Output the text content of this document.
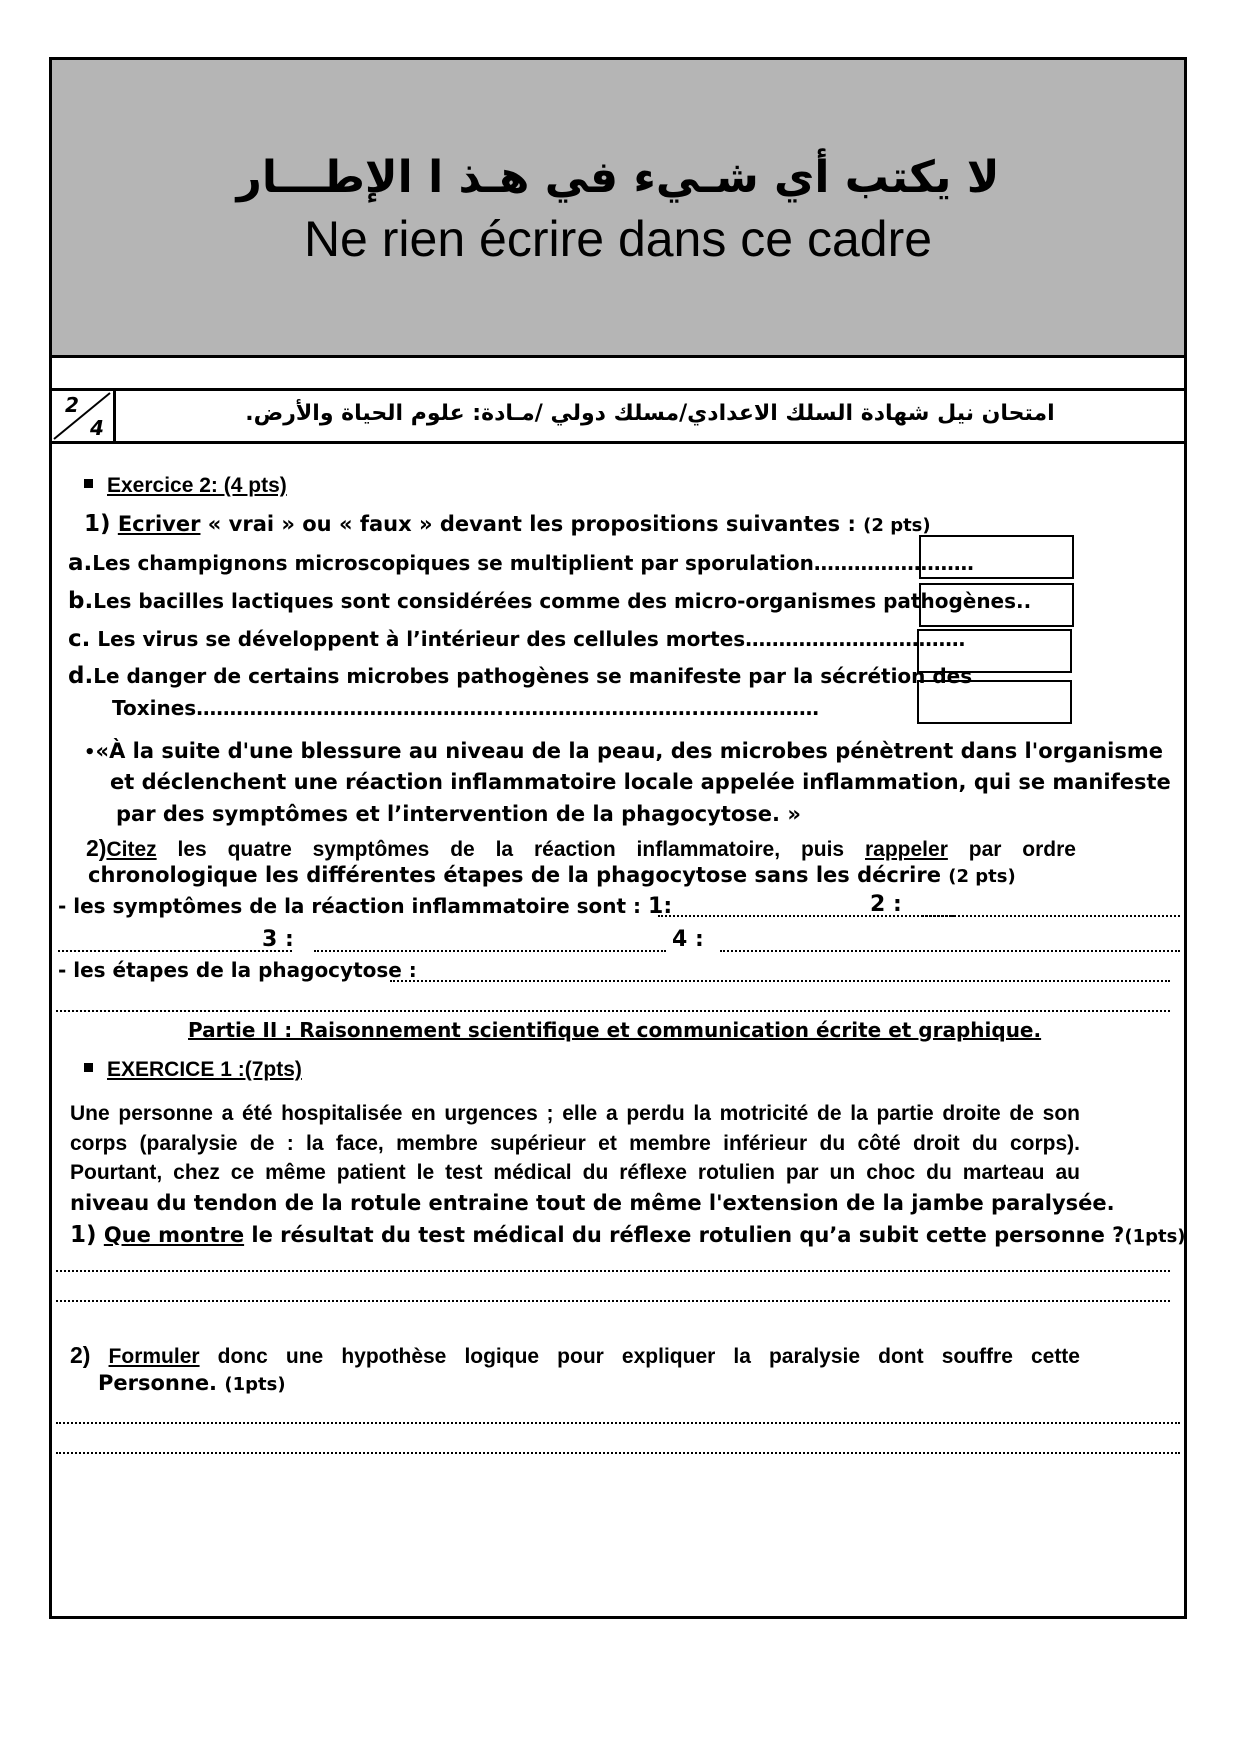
لا يكتب أي شـيء في هـذ ا الإطـــار
Ne rien écrire dans ce cadre
2
4
امتحان نيل شهادة السلك الاعدادي/مسلك دولي /مـادة: علوم الحياة والأرض.
Exercice 2: (4 pts)
1) Ecriver « vrai » ou « faux » devant les propositions suivantes : (2 pts)
a.Les champignons microscopiques se multiplient par sporulation……………………
b.Les bacilles lactiques sont considérées comme des micro-organismes pathogènes..
c. Les virus se développent à l’intérieur des cellules mortes……………………………
d.Le danger de certains microbes pathogènes se manifeste par la sécrétion des
Toxines………………………………………..……………………….………………
•«À la suite d'une blessure au niveau de la peau, des microbes pénètrent dans l'organisme
et déclenchent une réaction inflammatoire locale appelée inflammation, qui se manifeste
par des symptômes et l’intervention de la phagocytose. »
2)Citez les quatre symptômes de la réaction inflammatoire, puis rappeler par ordre
chronologique les différentes étapes de la phagocytose sans les décrire (2 pts)
- les symptômes de la réaction inflammatoire sont : 1:	2 :
3 :	4 :
- les étapes de la phagocytose :
Partie II : Raisonnement scientifique et communication écrite et graphique.
EXERCICE 1 :(7pts)
Une personne a été hospitalisée en urgences ; elle a perdu la motricité de la partie droite de son
corps (paralysie de : la face, membre supérieur et membre inférieur du côté droit du corps).
Pourtant, chez ce même patient le test médical du réflexe rotulien par un choc du marteau au
niveau du tendon de la rotule entraine tout de même l'extension de la jambe paralysée.
1) Que montre le résultat du test médical du réflexe rotulien qu’a subit cette personne ?(1pts)
2) Formuler donc une hypothèse logique pour expliquer la paralysie dont souffre cette
Personne. (1pts)
